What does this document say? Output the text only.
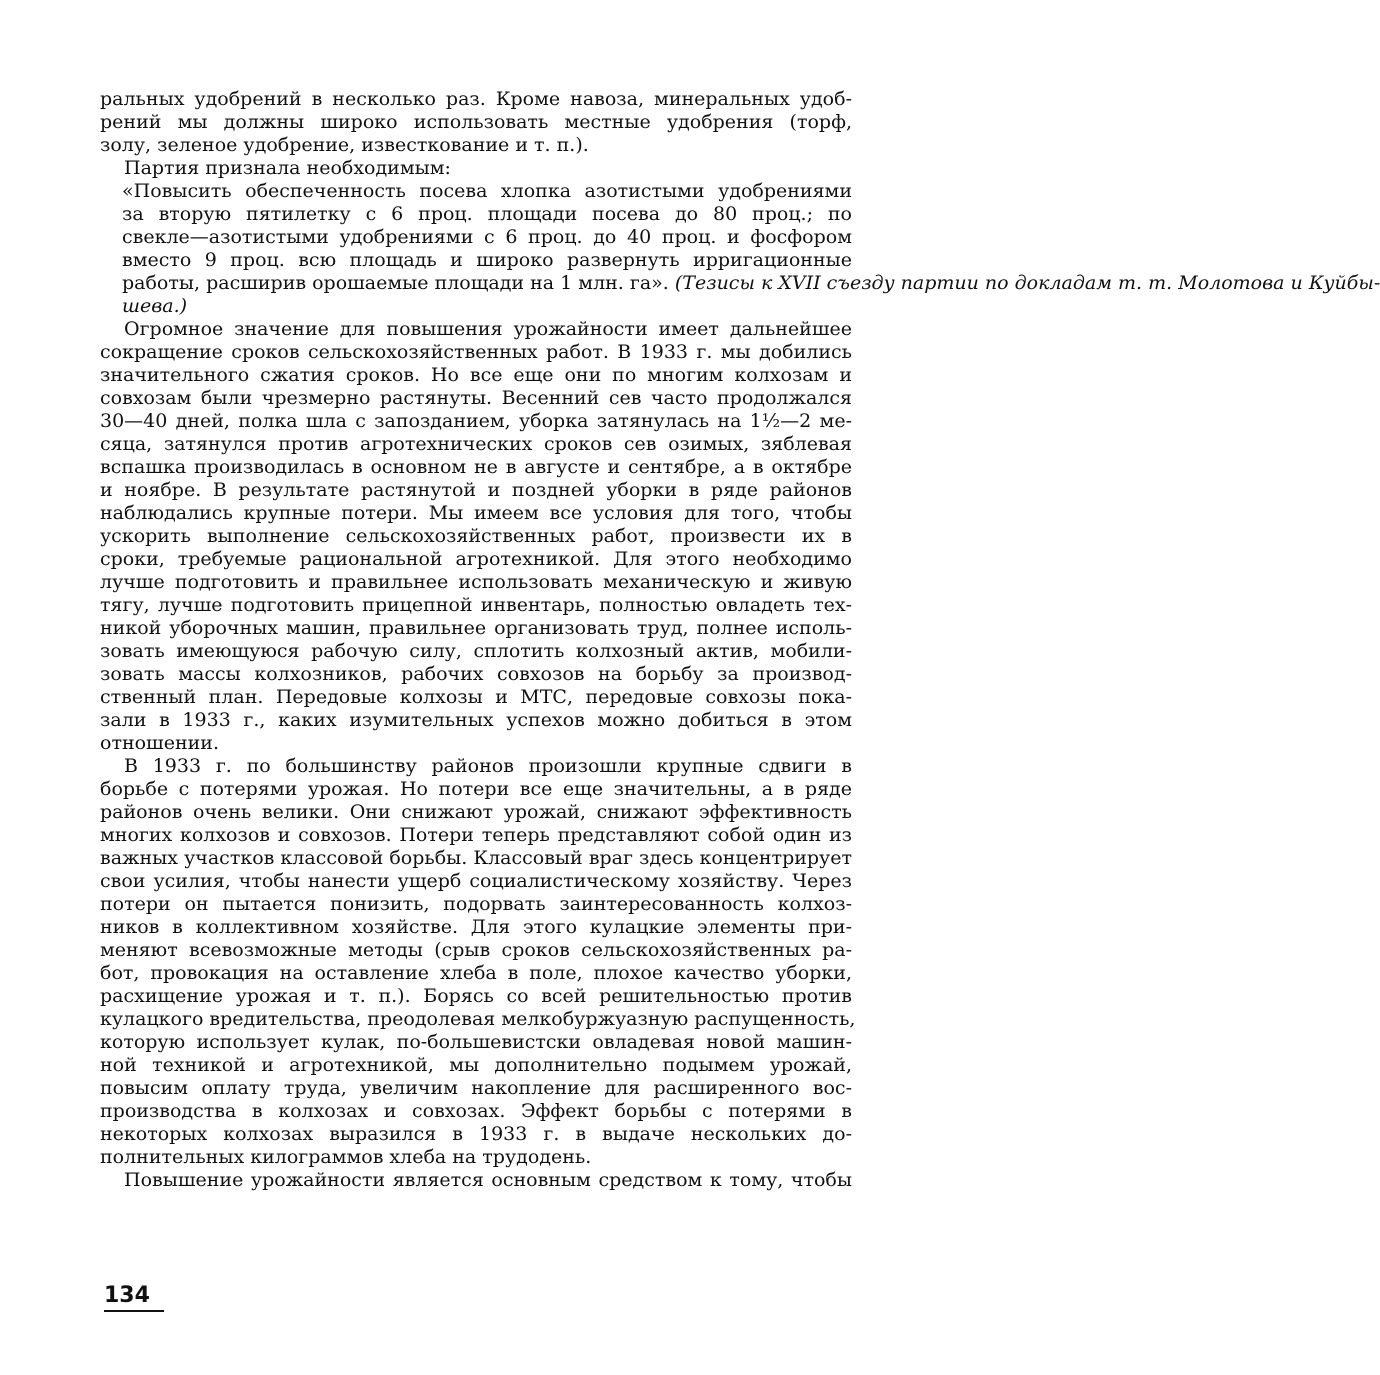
ральных удобрений в несколько раз. Кроме навоза, минеральных удоб-
рений мы должны широко использовать местные удобрения (торф,
золу, зеленое удобрение, известкование и т. п.).
Партия признала необходимым:
«Повысить обеспеченность посева хлопка азотистыми удобрениями
за вторую пятилетку с 6 проц. площади посева до 80 проц.; по
свекле—азотистыми удобрениями с 6 проц. до 40 проц. и фосфором
вместо 9 проц. всю площадь и широко развернуть ирригационные
работы, расширив орошаемые площади на 1 млн. га». (Тезисы к XVII съезду партии по докладам т. т. Молотова и Куйбы-
шева.)
Огромное значение для повышения урожайности имеет дальнейшее
сокращение сроков сельскохозяйственных работ. В 1933 г. мы добились
значительного сжатия сроков. Но все еще они по многим колхозам и
совхозам были чрезмерно растянуты. Весенний сев часто продолжался
30—40 дней, полка шла с запозданием, уборка затянулась на 1½—2 ме-
сяца, затянулся против агротехнических сроков сев озимых, зяблевая
вспашка производилась в основном не в августе и сентябре, а в октябре
и ноябре. В результате растянутой и поздней уборки в ряде районов
наблюдались крупные потери. Мы имеем все условия для того, чтобы
ускорить выполнение сельскохозяйственных работ, произвести их в
сроки, требуемые рациональной агротехникой. Для этого необходимо
лучше подготовить и правильнее использовать механическую и живую
тягу, лучше подготовить прицепной инвентарь, полностью овладеть тех-
никой уборочных машин, правильнее организовать труд, полнее исполь-
зовать имеющуюся рабочую силу, сплотить колхозный актив, мобили-
зовать массы колхозников, рабочих совхозов на борьбу за производ-
ственный план. Передовые колхозы и МТС, передовые совхозы пока-
зали в 1933 г., каких изумительных успехов можно добиться в этом
отношении.
В 1933 г. по большинству районов произошли крупные сдвиги в
борьбе с потерями урожая. Но потери все еще значительны, а в ряде
районов очень велики. Они снижают урожай, снижают эффективность
многих колхозов и совхозов. Потери теперь представляют собой один из
важных участков классовой борьбы. Классовый враг здесь концентрирует
свои усилия, чтобы нанести ущерб социалистическому хозяйству. Через
потери он пытается понизить, подорвать заинтересованность колхоз-
ников в коллективном хозяйстве. Для этого кулацкие элементы при-
меняют всевозможные методы (срыв сроков сельскохозяйственных ра-
бот, провокация на оставление хлеба в поле, плохое качество уборки,
расхищение урожая и т. п.). Борясь со всей решительностью против
кулацкого вредительства, преодолевая мелкобуржуазную распущенность,
которую использует кулак, по-большевистски овладевая новой машин-
ной техникой и агротехникой, мы дополнительно подымем урожай,
повысим оплату труда, увеличим накопление для расширенного вос-
производства в колхозах и совхозах. Эффект борьбы с потерями в
некоторых колхозах выразился в 1933 г. в выдаче нескольких до-
полнительных килограммов хлеба на трудодень.
Повышение урожайности является основным средством к тому, чтобы
134
